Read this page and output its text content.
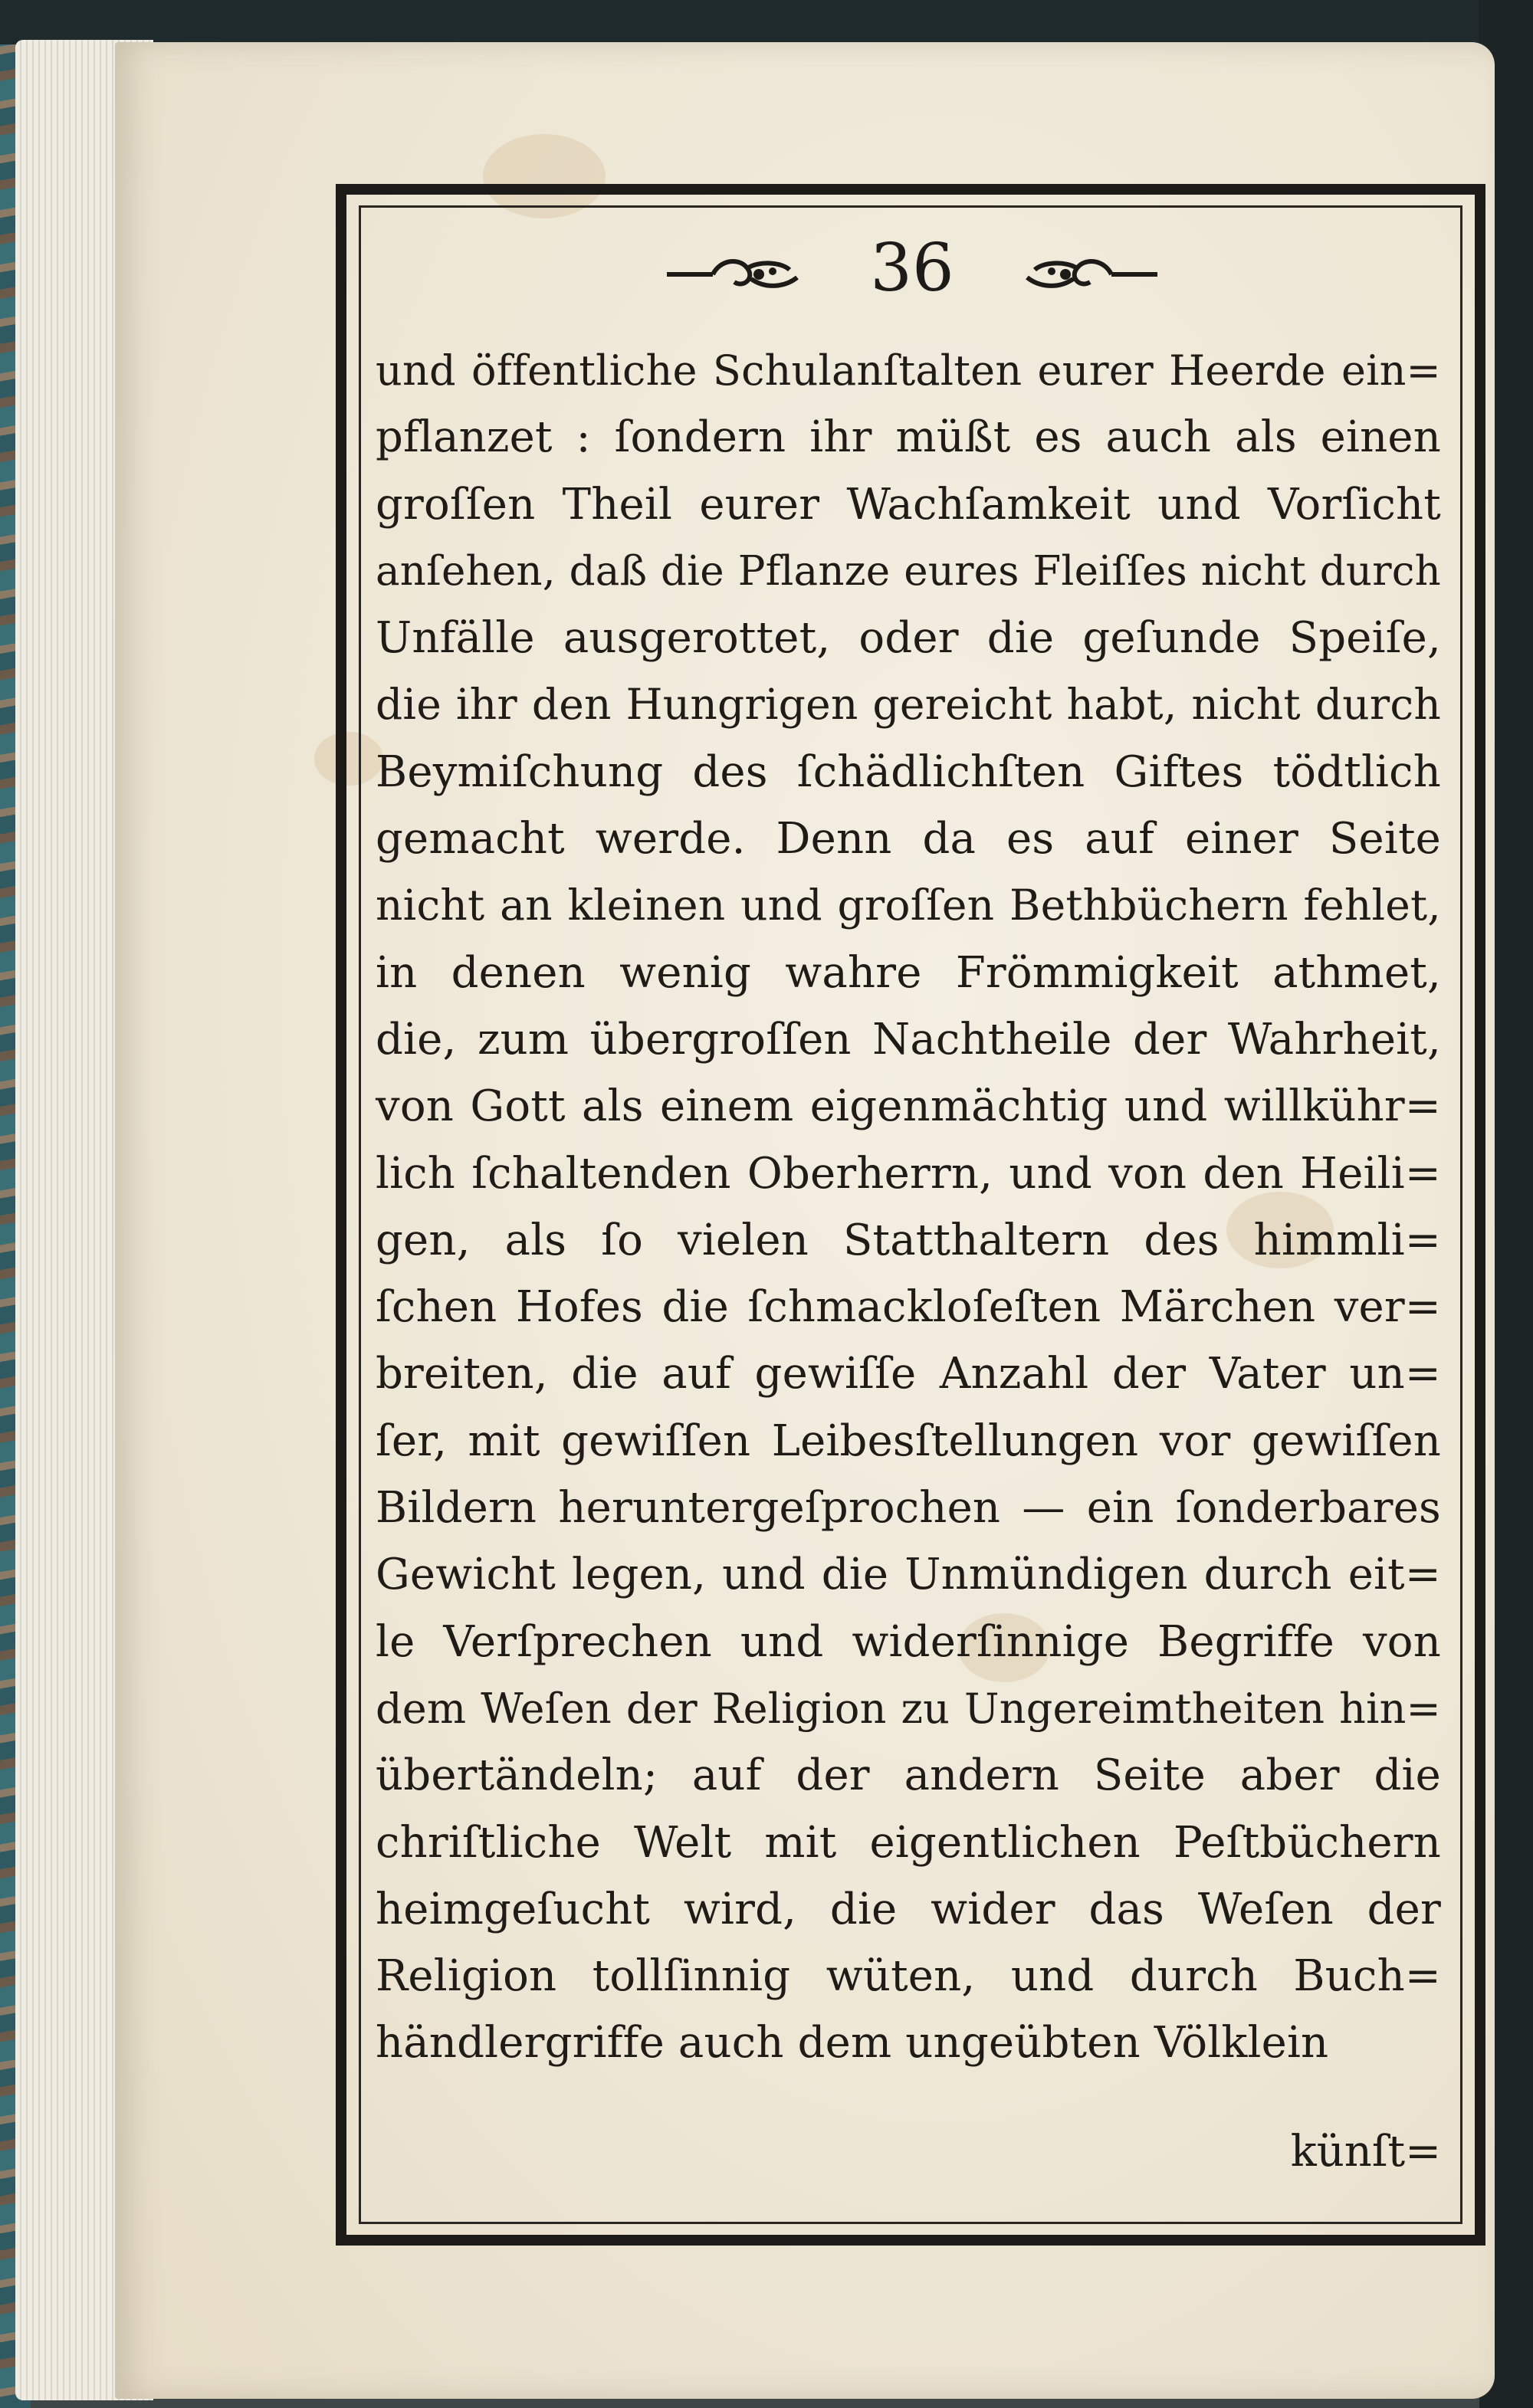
36
und öffentliche Schulanſtalten eurer Heerde ein=
pflanzet : ſondern ihr müßt es auch als einen
groſſen Theil eurer Wachſamkeit und Vorſicht
anſehen, daß die Pflanze eures Fleiſſes nicht durch
Unfälle ausgerottet, oder die geſunde Speiſe,
die ihr den Hungrigen gereicht habt, nicht durch
Beymiſchung des ſchädlichſten Giftes tödtlich
gemacht werde. Denn da es auf einer Seite
nicht an kleinen und groſſen Bethbüchern fehlet,
in denen wenig wahre Frömmigkeit athmet,
die, zum übergroſſen Nachtheile der Wahrheit,
von Gott als einem eigenmächtig und willkühr=
lich ſchaltenden Oberherrn, und von den Heili=
gen, als ſo vielen Statthaltern des himmli=
ſchen Hofes die ſchmackloſeſten Märchen ver=
breiten, die auf gewiſſe Anzahl der Vater un=
ſer, mit gewiſſen Leibesſtellungen vor gewiſſen
Bildern heruntergeſprochen — ein ſonderbares
Gewicht legen, und die Unmündigen durch eit=
le Verſprechen und widerſinnige Begriffe von
dem Weſen der Religion zu Ungereimtheiten hin=
übertändeln; auf der andern Seite aber die
chriſtliche Welt mit eigentlichen Peſtbüchern
heimgeſucht wird, die wider das Weſen der
Religion tollſinnig wüten, und durch Buch=
händlergriffe auch dem ungeübten Völklein
künſt=
